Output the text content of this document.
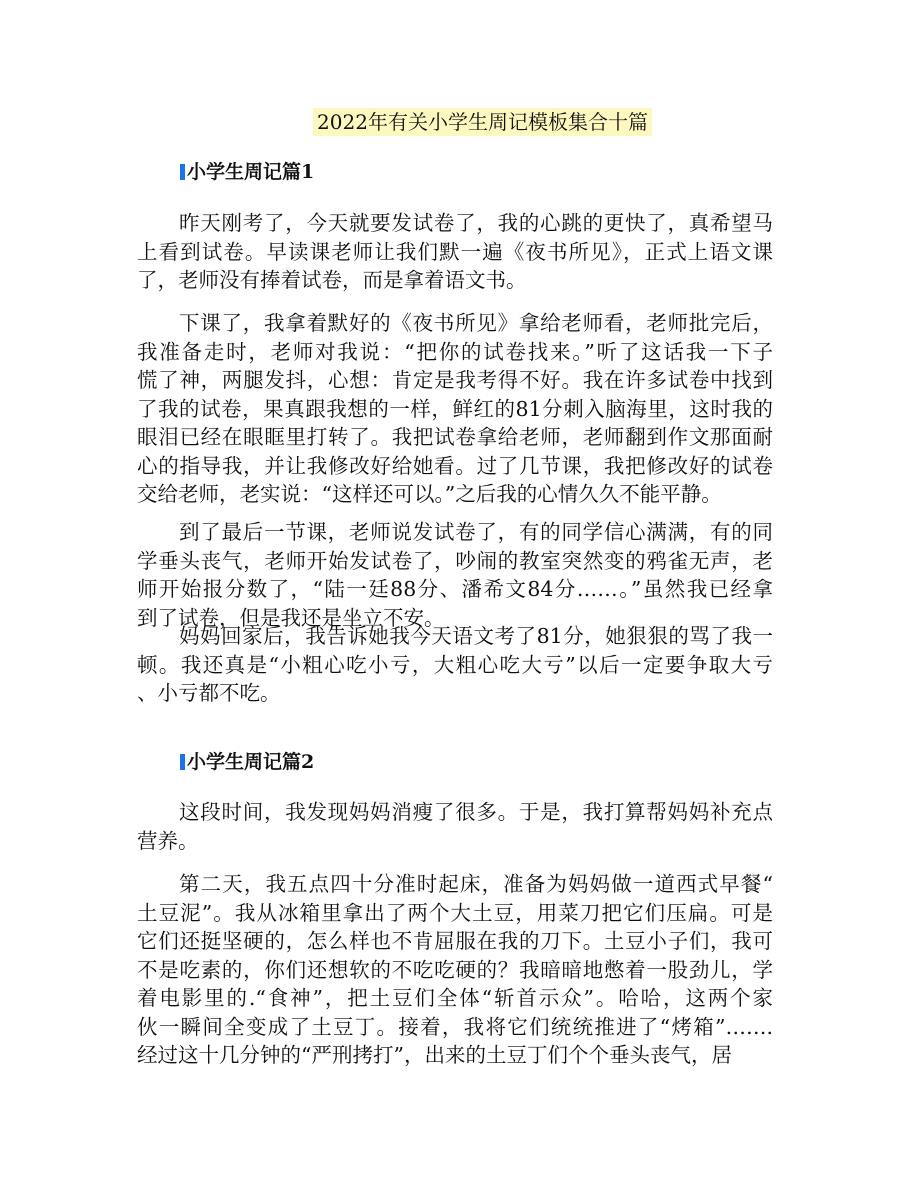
2022年有关小学生周记模板集合十篇
小学生周记篇1
昨天刚考了，今天就要发试卷了，我的心跳的更快了，真希望马
上看到试卷。早读课老师让我们默一遍《夜书所见》，正式上语文课
了，老师没有捧着试卷，而是拿着语文书。
下课了，我拿着默好的《夜书所见》拿给老师看，老师批完后，
我准备走时，老师对我说：“把你的试卷找来。”听了这话我一下子
慌了神，两腿发抖，心想：肯定是我考得不好。我在许多试卷中找到
了我的试卷，果真跟我想的一样，鲜红的81分刺入脑海里，这时我的
眼泪已经在眼眶里打转了。我把试卷拿给老师，老师翻到作文那面耐
心的指导我，并让我修改好给她看。过了几节课，我把修改好的试卷
交给老师，老实说：“这样还可以。”之后我的心情久久不能平静。
到了最后一节课，老师说发试卷了，有的同学信心满满，有的同
学垂头丧气，老师开始发试卷了，吵闹的教室突然变的鸦雀无声，老
师开始报分数了，“陆一廷88分、潘希文84分……。”虽然我已经拿
到了试卷，但是我还是坐立不安。
妈妈回家后，我告诉她我今天语文考了81分，她狠狠的骂了我一
顿。我还真是“小粗心吃小亏，大粗心吃大亏”以后一定要争取大亏
、小亏都不吃。
小学生周记篇2
这段时间，我发现妈妈消瘦了很多。于是，我打算帮妈妈补充点
营养。
第二天，我五点四十分准时起床，准备为妈妈做一道西式早餐“
土豆泥”。我从冰箱里拿出了两个大土豆，用菜刀把它们压扁。可是
它们还挺坚硬的，怎么样也不肯屈服在我的刀下。土豆小子们，我可
不是吃素的，你们还想软的不吃吃硬的？我暗暗地憋着一股劲儿，学
着电影里的.“食神”，把土豆们全体“斩首示众”。哈哈，这两个家
伙一瞬间全变成了土豆丁。接着，我将它们统统推进了“烤箱”…….
经过这十几分钟的“严刑拷打”，出来的土豆丁们个个垂头丧气，居
